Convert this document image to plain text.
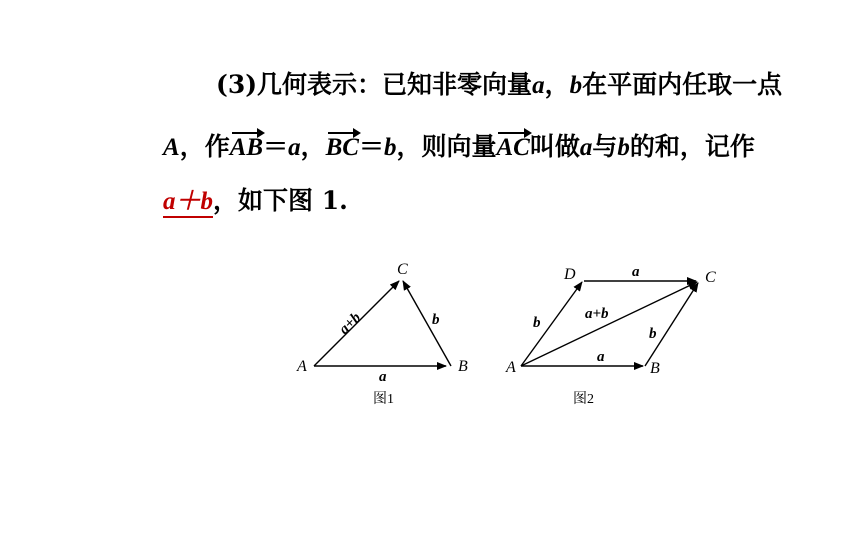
(3)几何表示：已知非零向量a，b在平面内任取一点
A，作AB＝a，BC＝b，则向量AC叫做a与b的和，记作
a＋b，如下图 1.
A	B
C
a
b
a+b
图1
A	B
C
D	a
a
b
b
a+b
图2
